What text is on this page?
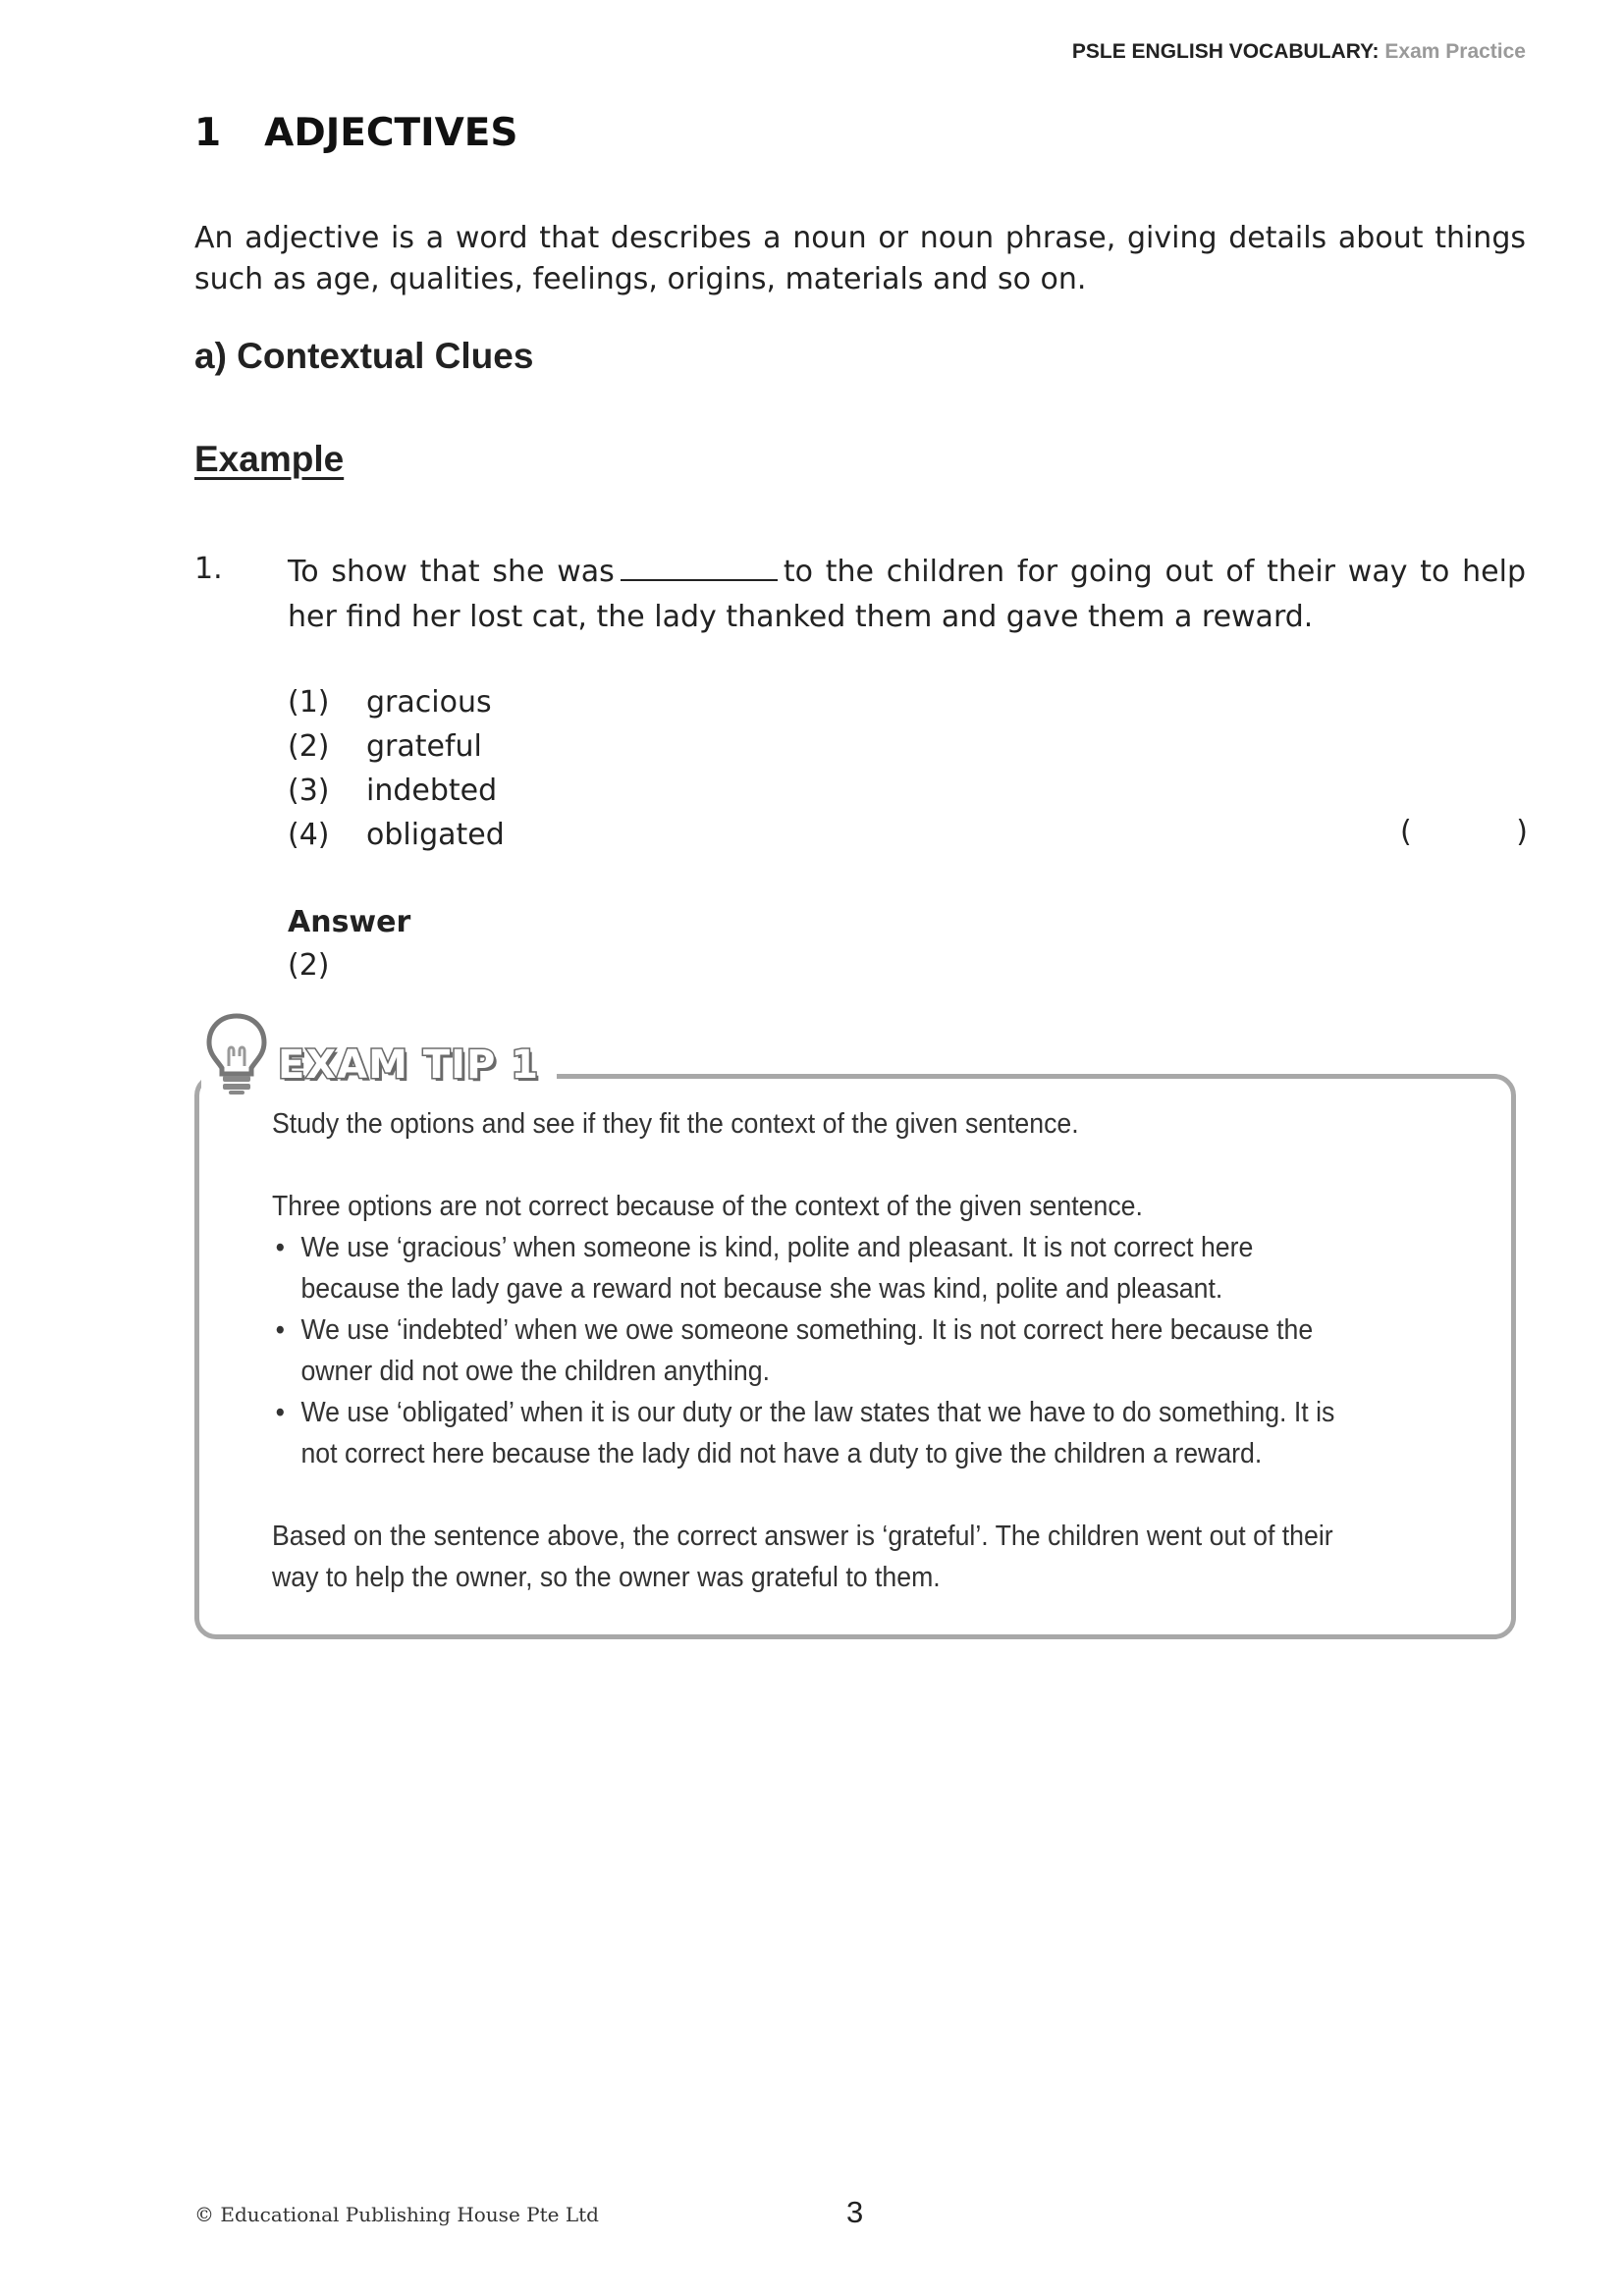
PSLE ENGLISH VOCABULARY: Exam Practice
1 ADJECTIVES
An adjective is a word that describes a noun or noun phrase, giving details about things such as age, qualities, feelings, origins, materials and so on.
a) Contextual Clues
Example
1. To show that she was	to the children for going out of their way to help her find her lost cat, the lady thanked them and gave them a reward.
(1)	gracious
(2)	grateful
(3)	indebted
(4)	obligated	(	)
Answer
(2)
EXAM TIP 1

Study the options and see if they fit the context of the given sentence.

Three options are not correct because of the context of the given sentence.

• We use ‘gracious’ when someone is kind, polite and pleasant. It is not correct here because the lady gave a reward not because she was kind, polite and pleasant.
• We use ‘indebted’ when we owe someone something. It is not correct here because the owner did not owe the children anything.
• We use ‘obligated’ when it is our duty or the law states that we have to do something. It is not correct here because the lady did not have a duty to give the children a reward.

Based on the sentence above, the correct answer is ‘grateful’. The children went out of their way to help the owner, so the owner was grateful to them.

© Educational Publishing House Pte Ltd	3
